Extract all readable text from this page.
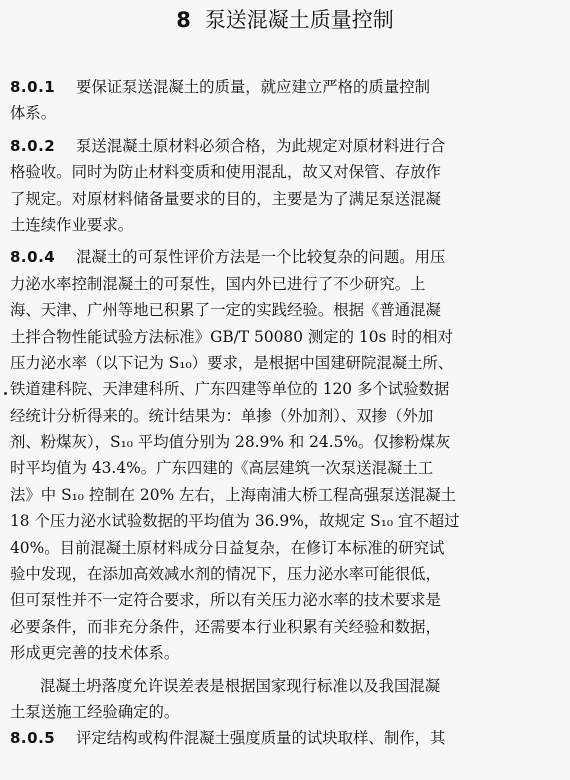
8 泵送混凝土质量控制
8.0.1 要保证泵送混凝土的质量，就应建立严格的质量控制
体系。
8.0.2 泵送混凝土原材料必须合格，为此规定对原材料进行合
格验收。同时为防止材料变质和使用混乱，故又对保管、存放作
了规定。对原材料储备量要求的目的，主要是为了满足泵送混凝
土连续作业要求。
8.0.4 混凝土的可泵性评价方法是一个比较复杂的问题。用压
力泌水率控制混凝土的可泵性，国内外已进行了不少研究。上
海、天津、广州等地已积累了一定的实践经验。根据《普通混凝
土拌合物性能试验方法标准》GB/T 50080 测定的 10s 时的相对
压力泌水率（以下记为 S₁₀）要求，是根据中国建研院混凝土所、
铁道建科院、天津建科所、广东四建等单位的 120 多个试验数据
经统计分析得来的。统计结果为：单掺（外加剂）、双掺（外加
剂、粉煤灰），S₁₀ 平均值分别为 28.9% 和 24.5%。仅掺粉煤灰
时平均值为 43.4%。广东四建的《高层建筑一次泵送混凝土工
法》中 S₁₀ 控制在 20% 左右，上海南浦大桥工程高强泵送混凝土
18 个压力泌水试验数据的平均值为 36.9%，故规定 S₁₀ 宜不超过
40%。目前混凝土原材料成分日益复杂，在修订本标准的研究试
验中发现，在添加高效减水剂的情况下，压力泌水率可能很低，
但可泵性并不一定符合要求，所以有关压力泌水率的技术要求是
必要条件，而非充分条件，还需要本行业积累有关经验和数据，
形成更完善的技术体系。
混凝土坍落度允许误差表是根据国家现行标准以及我国混凝
土泵送施工经验确定的。
8.0.5 评定结构或构件混凝土强度质量的试块取样、制作，其
